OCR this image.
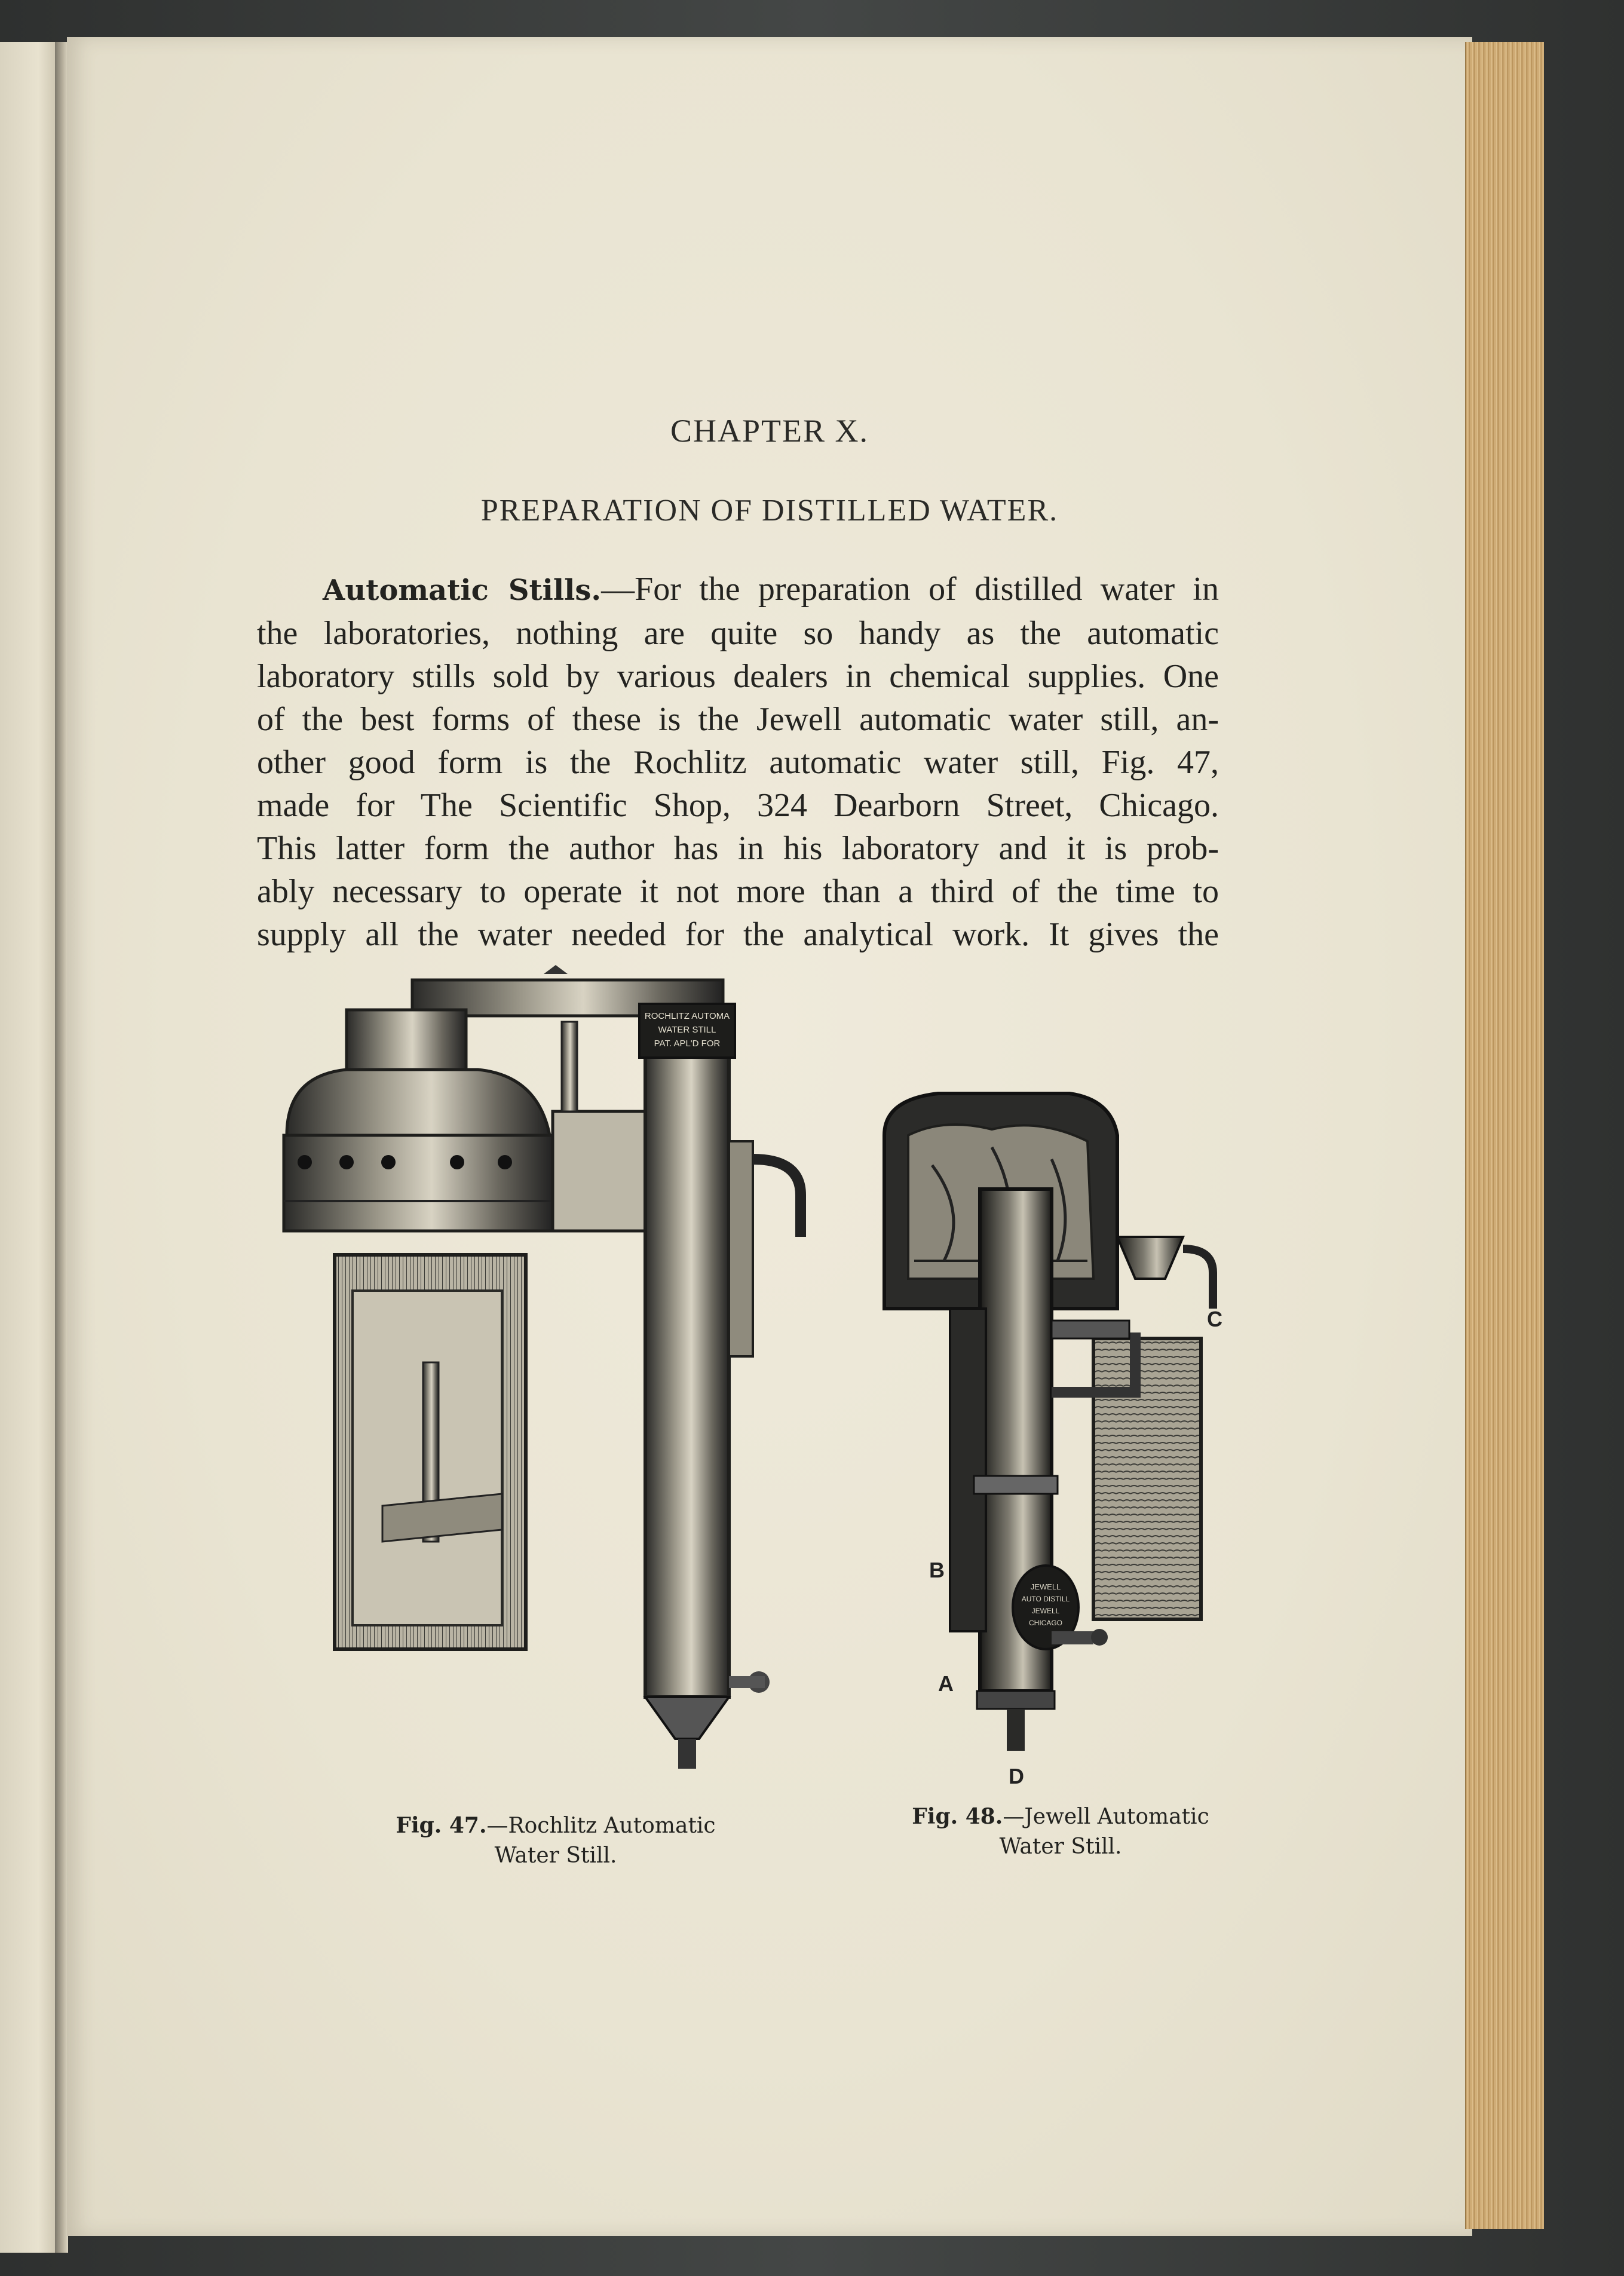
CHAPTER X.
PREPARATION OF DISTILLED WATER.
Automatic Stills.—For the preparation of distilled water in
the laboratories, nothing are quite so handy as the automatic
laboratory stills sold by various dealers in chemical supplies. One
of the best forms of these is the Jewell automatic water still, an-
other good form is the Rochlitz automatic water still, Fig. 47,
made for The Scientific Shop, 324 Dearborn Street, Chicago.
This latter form the author has in his laboratory and it is prob-
ably necessary to operate it not more than a third of the time to
supply all the water needed for the analytical work. It gives the
ROCHLITZ AUTOMA
WATER STILL
PAT. APL'D FOR
Fig. 47.—Rochlitz Automatic
Water Still.
JEWELL
AUTO DISTILL
JEWELL
CHICAGO
C
B
A
D
Fig. 48.—Jewell Automatic
Water Still.
